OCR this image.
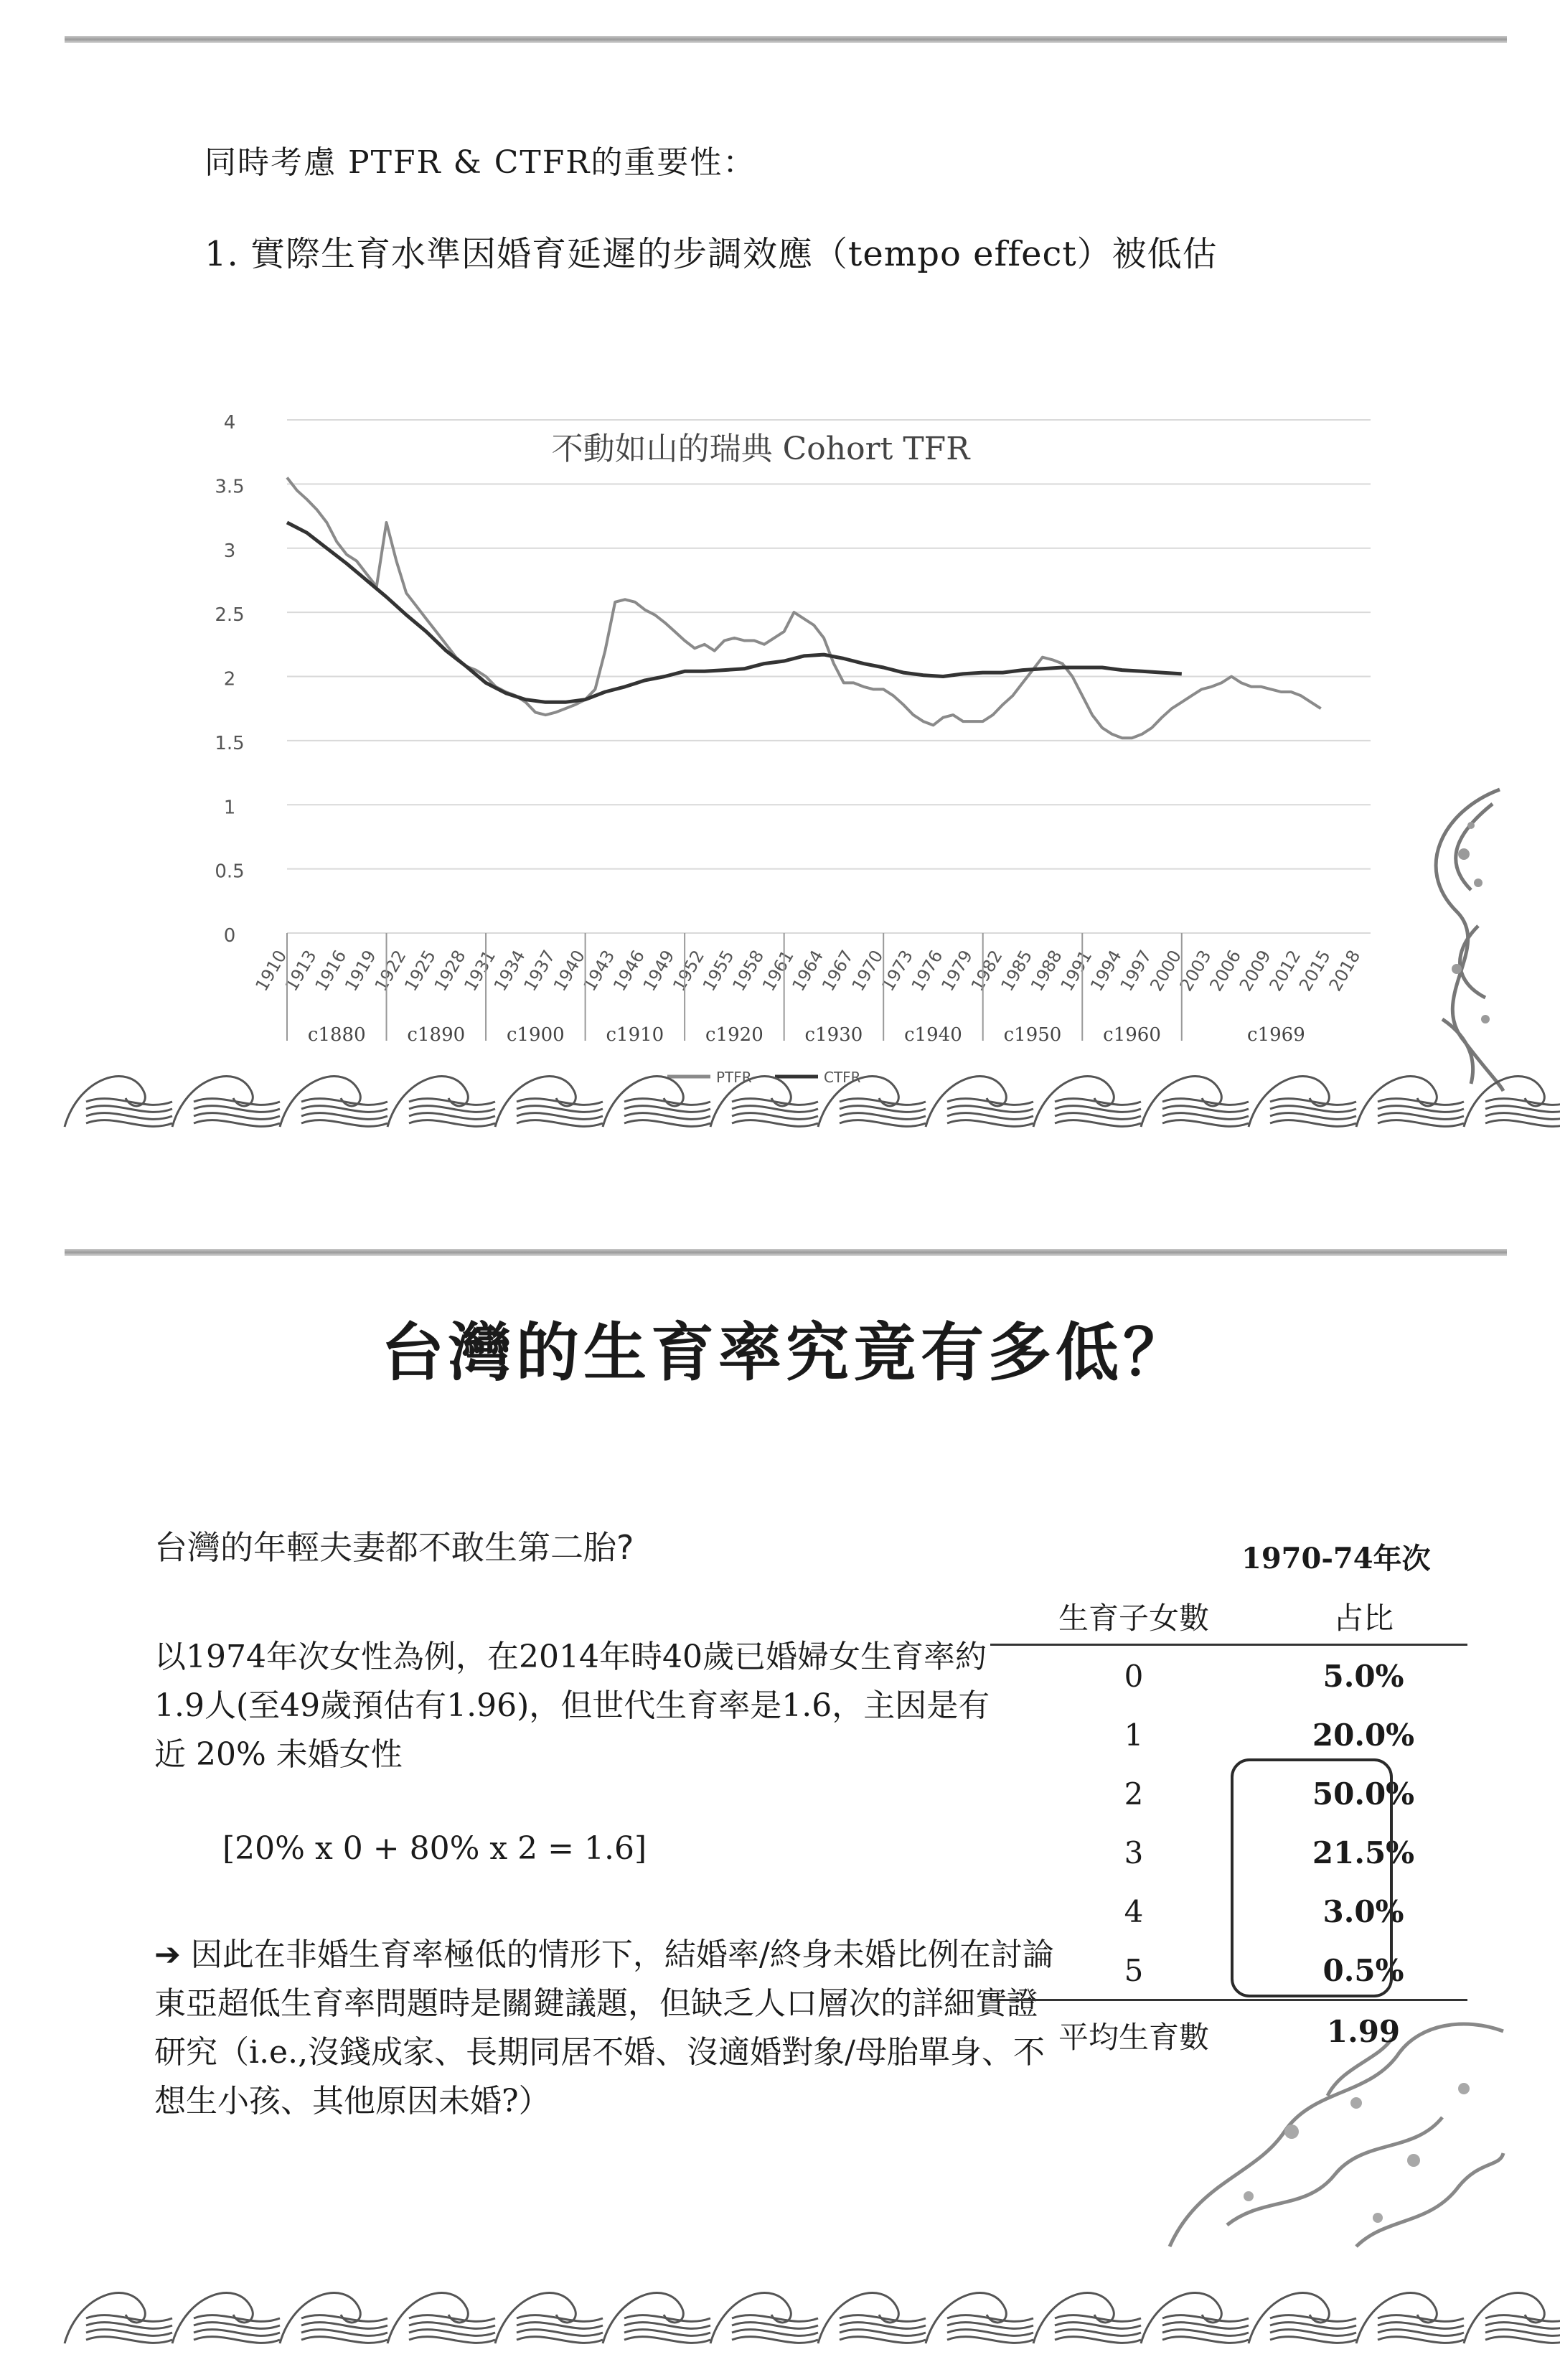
同時考慮 PTFR & CTFR的重要性：
1. 實際生育水準因婚育延遲的步調效應（tempo effect）被低估
0
0.5
1
1.5
2
2.5
3
3.5
4
1910
1913
1916
1919
1922
1925
1928
1931
1934
1937
1940
1943
1946
1949
1952
1955
1958
1961
1964
1967
1970
1973
1976
1979
1982
1985
1988
1991
1994
1997
2000
2003
2006
2009
2012
2015
2018
c1880 c1890 c1900 c1910 c1920 c1930 c1940 c1950 c1960	c1969
不動如山的瑞典 Cohort TFR
PTFR	CTFR
台灣的生育率究竟有多低？
台灣的年輕夫妻都不敢生第二胎?
以1974年次女性為例，在2014年時40歲已婚婦女生育率約1.9人(至49歲預估有1.96)，但世代生育率是1.6，主因是有近 20% 未婚女性
[20% x 0 + 80% x 2 = 1.6]
➔ 因此在非婚生育率極低的情形下，結婚率/終身未婚比例在討論東亞超低生育率問題時是關鍵議題，但缺乏人口層次的詳細實證研究（i.e.,沒錢成家、長期同居不婚、沒適婚對象/母胎單身、不想生小孩、其他原因未婚?）
1970-74年次
生育子女數	占比
0	5.0%
1	20.0%
2	50.0%
3	21.5%
4	3.0%
5	0.5%
平均生育數	1.99
